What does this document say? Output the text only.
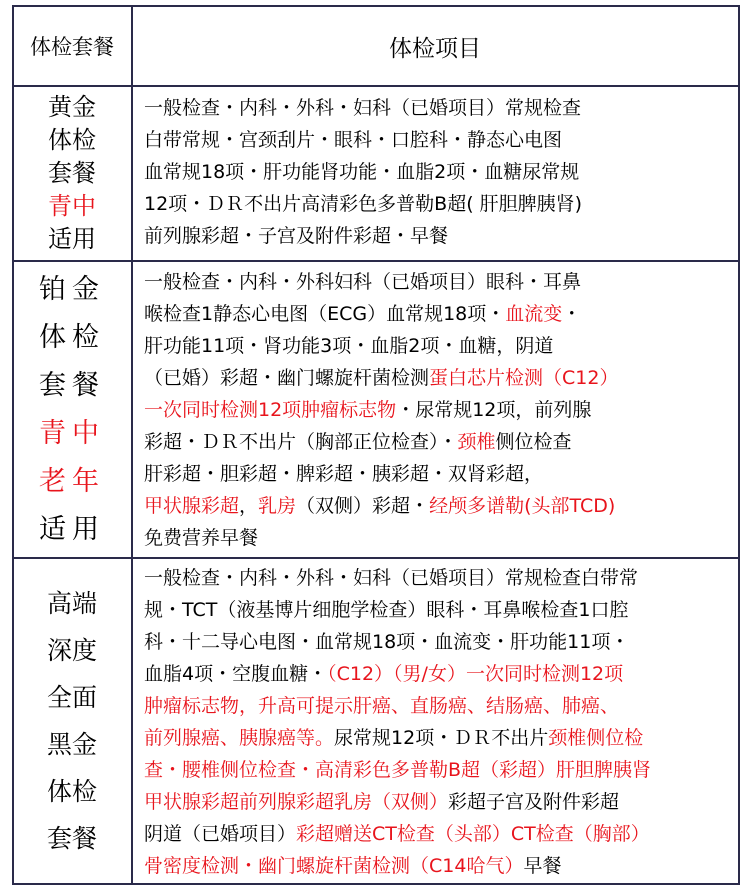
体检套餐	体检项目
黄金
体检
套餐
青中
适用
一般检查・内科・外科・妇科（已婚项目）常规检查
白带常规・宫颈刮片・眼科・口腔科・静态心电图
血常规18项・肝功能肾功能・血脂2项・血糖尿常规
12项・ＤＲ不出片高清彩色多普勒B超( 肝胆脾胰肾)
前列腺彩超・子宫及附件彩超・早餐
铂金
体检
套餐
青中
老年
适用
一般检查・内科・外科妇科（已婚项目）眼科・耳鼻
喉检查1静态心电图（ECG）血常规18项・血流变・
肝功能11项・肾功能3项・血脂2项・血糖，阴道
（已婚）彩超・幽门螺旋杆菌检测蛋白芯片检测（C12）
一次同时检测12项肿瘤标志物・尿常规12项，前列腺
彩超・ＤＲ不出片（胸部正位检查）・颈椎侧位检查
肝彩超・胆彩超・脾彩超・胰彩超・双肾彩超，
甲状腺彩超，乳房（双侧）彩超・经颅多谱勒(头部TCD)
免费营养早餐
高端
深度
全面
黑金
体检
套餐
一般检查・内科・外科・妇科（已婚项目）常规检查白带常
规・TCT（液基博片细胞学检查）眼科・耳鼻喉检查1口腔
科・十二导心电图・血常规18项・血流变・肝功能11项・
血脂4项・空腹血糖・（C12）（男/女）一次同时检测12项
肿瘤标志物，升高可提示肝癌、直肠癌、结肠癌、肺癌、
前列腺癌、胰腺癌等。尿常规12项・ＤＲ不出片颈椎侧位检
查・腰椎侧位检查・高清彩色多普勒B超（彩超）肝胆脾胰肾
甲状腺彩超前列腺彩超乳房（双侧）彩超子宫及附件彩超
阴道（已婚项目）彩超赠送CT检查（头部）CT检查（胸部）
骨密度检测・幽门螺旋杆菌检测（C14哈气）早餐
